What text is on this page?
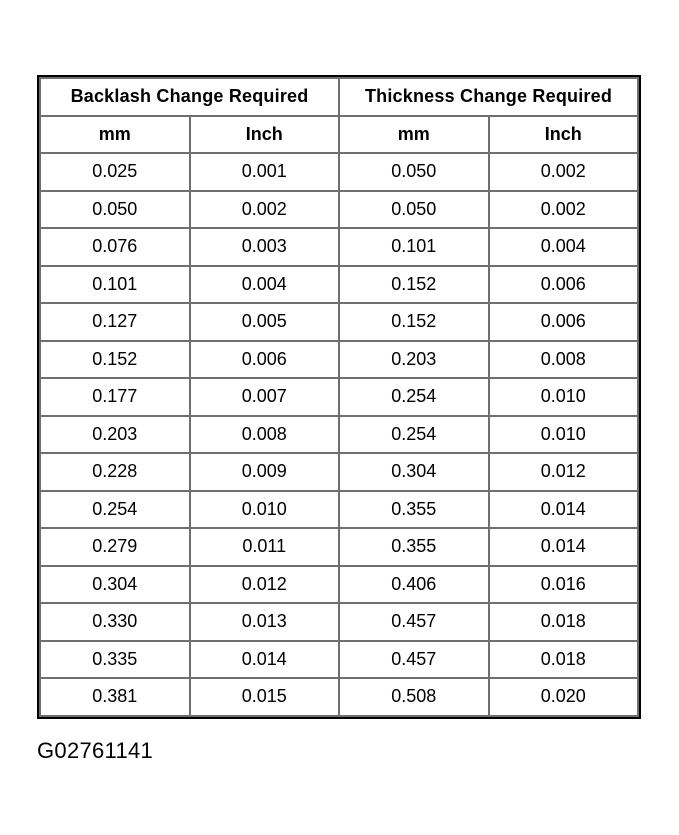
Backlash Change Required		Thickness Change Required	
mm	Inch	mm	Inch
0.025	0.001	0.050	0.002
0.050	0.002	0.050	0.002
0.076	0.003	0.101	0.004
0.101	0.004	0.152	0.006
0.127	0.005	0.152	0.006
0.152	0.006	0.203	0.008
0.177	0.007	0.254	0.010
0.203	0.008	0.254	0.010
0.228	0.009	0.304	0.012
0.254	0.010	0.355	0.014
0.279	0.011	0.355	0.014
0.304	0.012	0.406	0.016
0.330	0.013	0.457	0.018
0.335	0.014	0.457	0.018
0.381	0.015	0.508	0.020
G02761141
